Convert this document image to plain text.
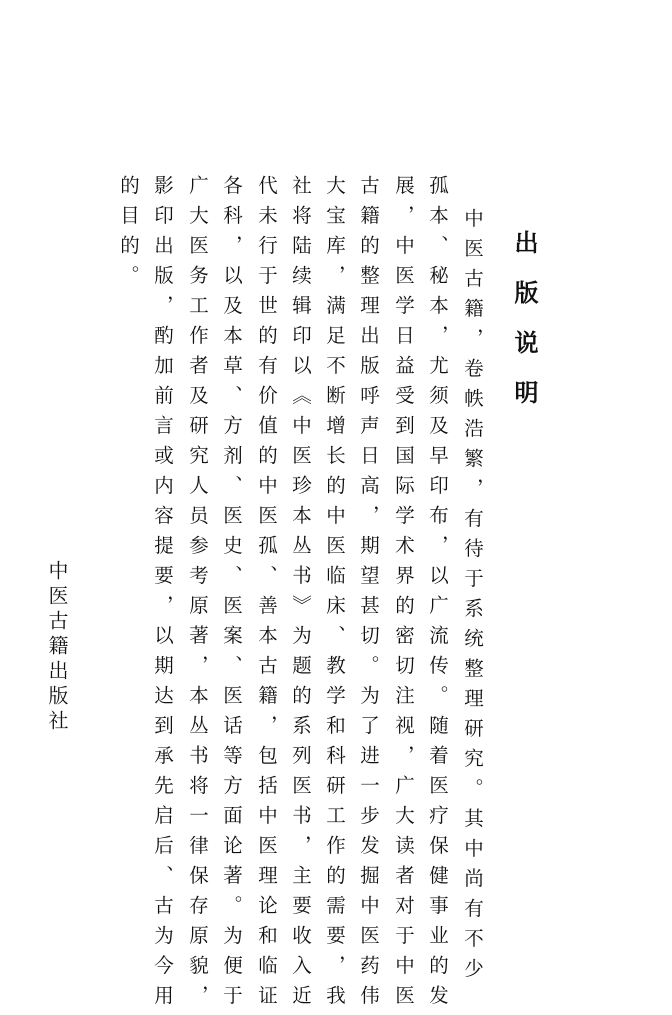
出版说明
中医古籍，卷帙浩繁，有待于系统整理研究。其中尚有不少
孤本、秘本，尤须及早印布，以广流传。随着医疗保健事业的发
展，中医学日益受到国际学术界的密切注视，广大读者对于中医
古籍的整理出版呼声日高，期望甚切。为了进一步发掘中医药伟
大宝库，满足不断增长的中医临床、教学和科研工作的需要，我
社将陆续辑印以《中医珍本丛书》为题的系列医书，主要收入近
代未行于世的有价值的中医孤、善本古籍，包括中医理论和临证
各科，以及本草、方剂、医史、医案、医话等方面论著。为便于
广大医务工作者及研究人员参考原著，本丛书将一律保存原貌，
影印出版，酌加前言或内容提要，以期达到承先启后、古为今用
的目的。
中医古籍出版社
